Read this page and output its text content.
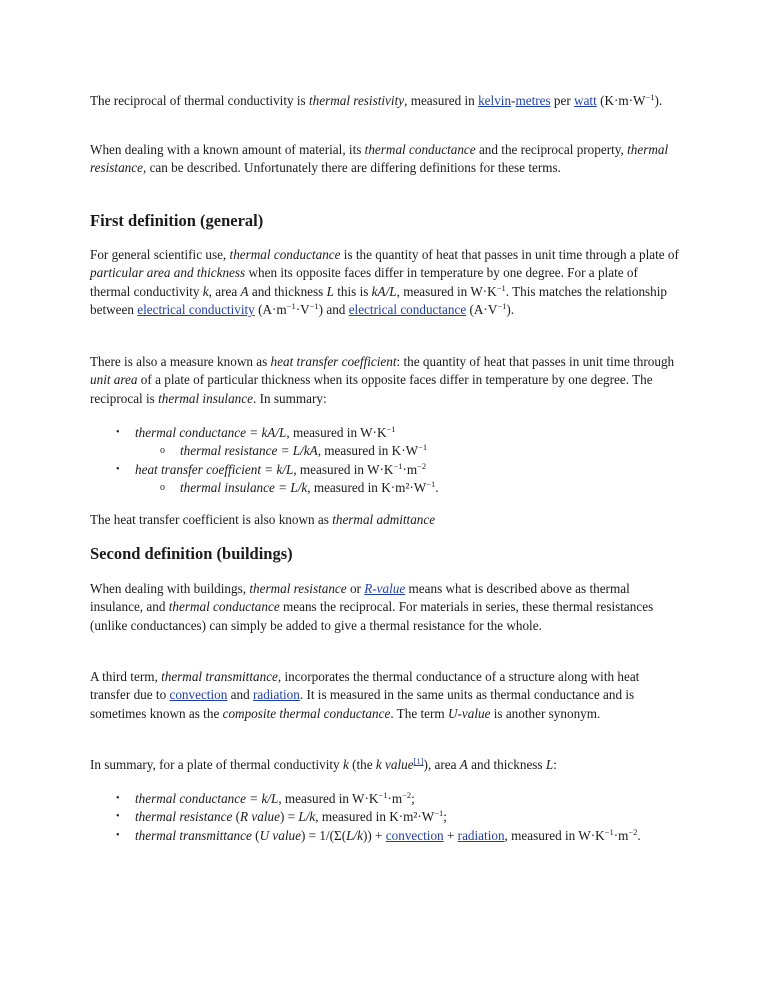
The reciprocal of thermal conductivity is thermal resistivity, measured in kelvin-metres per watt $(K\cdot m\cdot W^{-1})$.

When dealing with a known amount of material, its thermal conductance and the reciprocal property, thermal resistance, can be described. Unfortunately there are differing definitions for these terms.

First definition (general)

For general scientific use, thermal conductance is the quantity of heat that passes in unit time through a plate of particular area and thickness when its opposite faces differ in temperature by one degree. For a plate of thermal conductivity k, area A and thickness L this is kA/L, measured in $W\cdot K^{-1}$. This matches the relationship between electrical conductivity $(A\cdot m^{-1}\cdot V^{-1})$ and electrical conductance $(A\cdot V^{-1})$.

There is also a measure known as heat transfer coefficient: the quantity of heat that passes in unit time through unit area of a plate of particular thickness when its opposite faces differ in temperature by one degree. The reciprocal is thermal insulance. In summary:

• thermal conductance = kA/L, measured in $W\cdot K^{-1}$
o thermal resistance = L/kA, measured in $K\cdot W^{-1}$
• heat transfer coefficient = k/L, measured in $W\cdot K^{-1}\cdot m^{-2}$
o thermal insulance = L/k, measured in $K\cdot m^2\cdot W^{-1}$.

The heat transfer coefficient is also known as thermal admittance

Second definition (buildings)

When dealing with buildings, thermal resistance or R-value means what is described above as thermal insulance, and thermal conductance means the reciprocal. For materials in series, these thermal resistances (unlike conductances) can simply be added to give a thermal resistance for the whole.

A third term, thermal transmittance, incorporates the thermal conductance of a structure along with heat transfer due to convection and radiation. It is measured in the same units as thermal conductance and is sometimes known as the composite thermal conductance. The term U-value is another synonym.

In summary, for a plate of thermal conductivity k (the k value[1]), area A and thickness L:

• thermal conductance = k/L, measured in $W\cdot K^{-1}\cdot m^{-2}$;
• thermal resistance (R value) = L/k, measured in $K\cdot m^2\cdot W^{-1}$;
• thermal transmittance (U value) = 1/(Σ(L/k)) + convection + radiation, measured in $W\cdot K^{-1}\cdot m^{-2}$.
